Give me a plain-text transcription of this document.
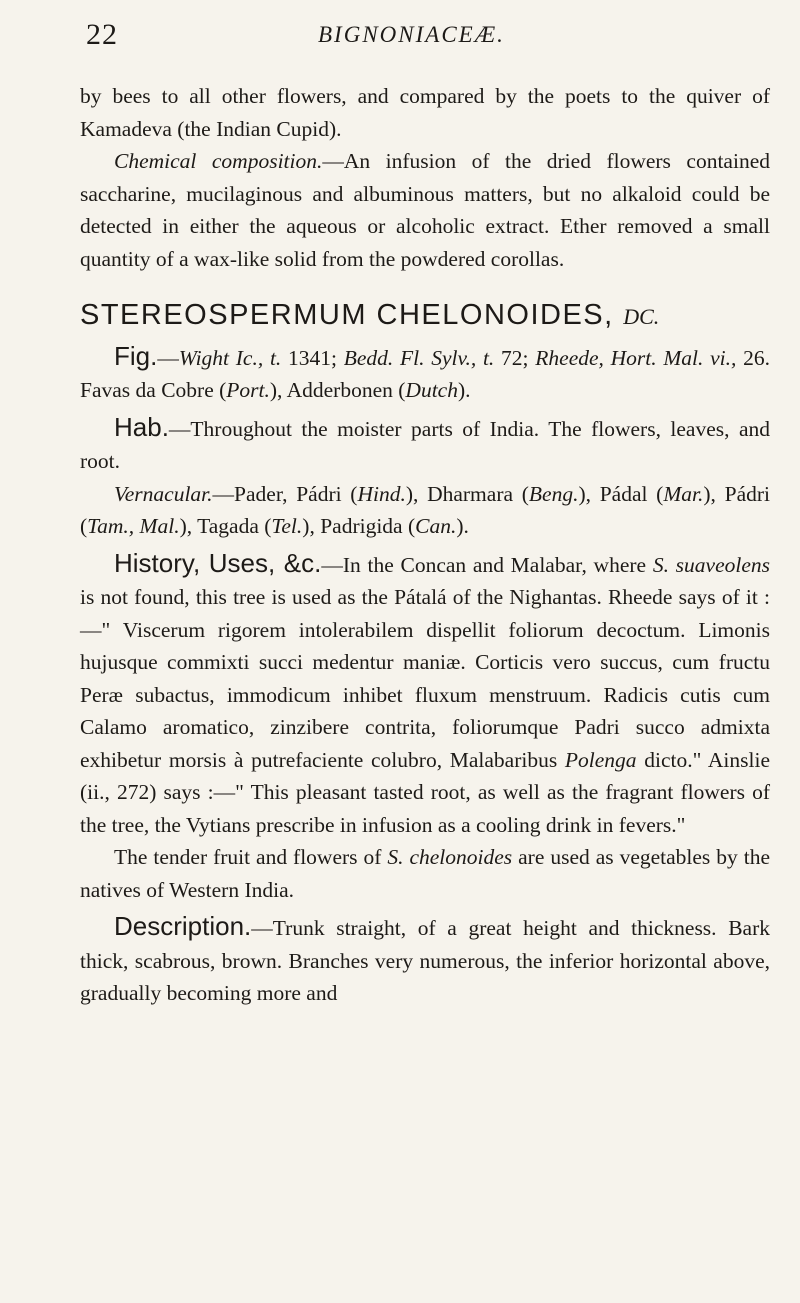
22	BIGNONIACEÆ.

by bees to all other flowers, and compared by the poets to the quiver of Kamadeva (the Indian Cupid).

Chemical composition.—An infusion of the dried flowers contained saccharine, mucilaginous and albuminous matters, but no alkaloid could be detected in either the aqueous or alcoholic extract. Ether removed a small quantity of a wax-like solid from the powdered corollas.

STEREOSPERMUM CHELONOIDES, DC.

Fig.—Wight Ic., t. 1341; Bedd. Fl. Sylv., t. 72; Rheede, Hort. Mal. vi., 26. Favas da Cobre (Port.), Adderbonen (Dutch).

Hab.—Throughout the moister parts of India. The flowers, leaves, and root.

Vernacular.—Pader, Pádri (Hind.), Dharmara (Beng.), Pádal (Mar.), Pádri (Tam., Mal.), Tagada (Tel.), Padrigida (Can.).

History, Uses, &c.—In the Concan and Malabar, where S. suaveolens is not found, this tree is used as the Pátalá of the Nighantas. Rheede says of it :—" Viscerum rigorem intolerabilem dispellit foliorum decoctum. Limonis hujusque commixti succi medentur maniæ. Corticis vero succus, cum fructu Peræ subactus, immodicum inhibet fluxum menstruum. Radicis cutis cum Calamo aromatico, zinzibere contrita, foliorumque Padri succo admixta exhibetur morsis à putrefaciente colubro, Malabaribus Polenga dicto." Ainslie (ii., 272) says :—" This pleasant tasted root, as well as the fragrant flowers of the tree, the Vytians prescribe in infusion as a cooling drink in fevers."

The tender fruit and flowers of S. chelonoides are used as vegetables by the natives of Western India.

Description.—Trunk straight, of a great height and thickness. Bark thick, scabrous, brown. Branches very numerous, the inferior horizontal above, gradually becoming more and
